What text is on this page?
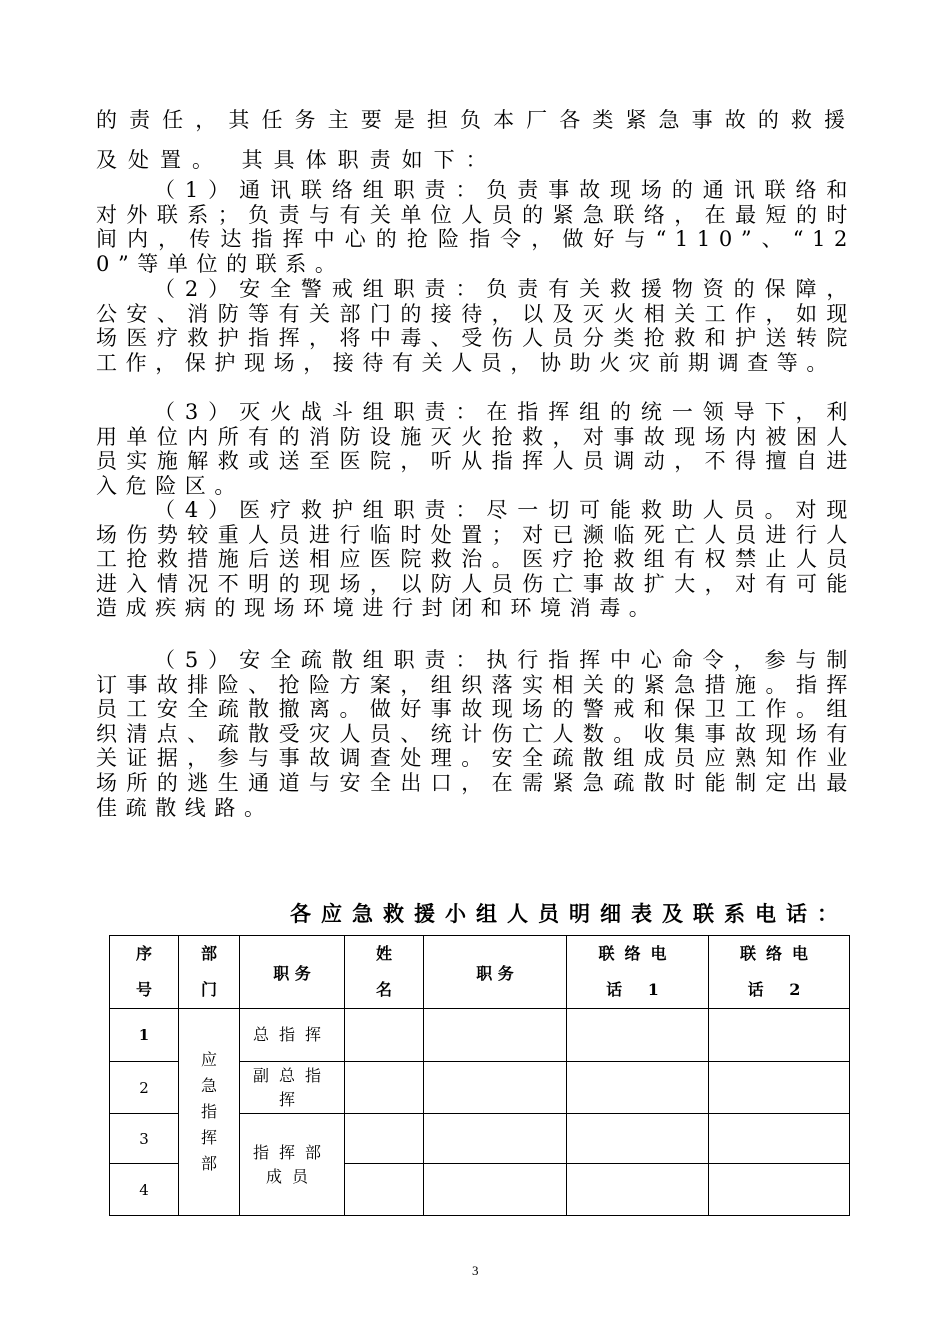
的责任，其任务主要是担负本厂各类紧急事故的救援及处置。 其具体职责如下：
（1）通讯联络组职责：负责事故现场的通讯联络和对外联系；负责与有关单位人员的紧急联络，在最短的时间内，传达指挥中心的抢险指令，做好与“110”、“120”等单位的联系。
（2）安全警戒组职责：负责有关救援物资的保障，公安、消防等有关部门的接待，以及灭火相关工作，如现场医疗救护指挥，将中毒、受伤人员分类抢救和护送转院工作，保护现场，接待有关人员，协助火灾前期调查等。
（3）灭火战斗组职责：在指挥组的统一领导下，利用单位内所有的消防设施灭火抢救，对事故现场内被困人员实施解救或送至医院，听从指挥人员调动，不得擅自进入危险区。
（4）医疗救护组职责：尽一切可能救助人员。对现场伤势较重人员进行临时处置；对已濒临死亡人员进行人工抢救措施后送相应医院救治。医疗抢救组有权禁止人员进入情况不明的现场，以防人员伤亡事故扩大，对有可能造成疾病的现场环境进行封闭和环境消毒。
（5）安全疏散组职责：执行指挥中心命令，参与制订事故排险、抢险方案，组织落实相关的紧急措施。指挥员工安全疏散撤离。做好事故现场的警戒和保卫工作。组织清点、疏散受灾人员、统计伤亡人数。收集事故现场有关证据，参与事故调查处理。安全疏散组成员应熟知作业场所的逃生通道与安全出口，在需紧急疏散时能制定出最佳疏散线路。
各应急救援小组人员明细表及联系电话：
序号	部门	职 务	姓名	职 务	联络电话 1	联络电话 2

1	应急指挥部	总指挥				

2		副总指挥				

3		指挥部成员				

4						
3
